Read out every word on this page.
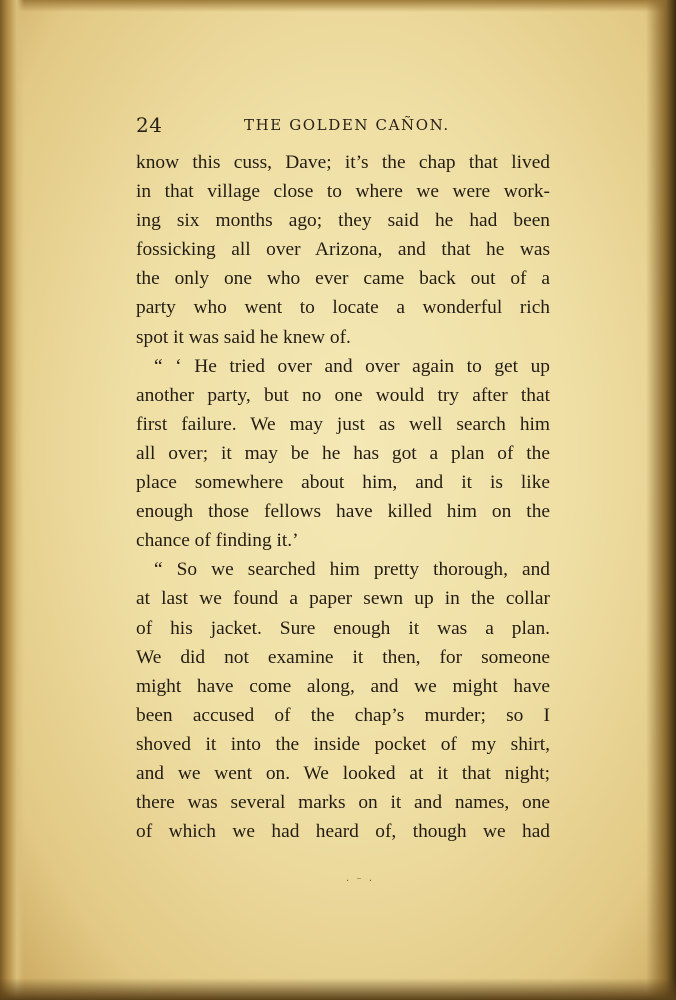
24	THE GOLDEN CAÑON.
know this cuss, Dave; it’s the chap that lived
in that village close to where we were work-
ing six months ago; they said he had been
fossicking all over Arizona, and that he was
the only one who ever came back out of a
party who went to locate a wonderful rich
spot it was said he knew of.
“ ‘ He tried over and over again to get up
another party, but no one would try after that
first failure. We may just as well search him
all over; it may be he has got a plan of the
place somewhere about him, and it is like
enough those fellows have killed him on the
chance of finding it.’
“ So we searched him pretty thorough, and
at last we found a paper sewn up in the collar
of his jacket. Sure enough it was a plan.
We did not examine it then, for someone
might have come along, and we might have
been accused of the chap’s murder; so I
shoved it into the inside pocket of my shirt,
and we went on. We looked at it that night;
there was several marks on it and names, one
of which we had heard of, though we had
· ⁻ ·
